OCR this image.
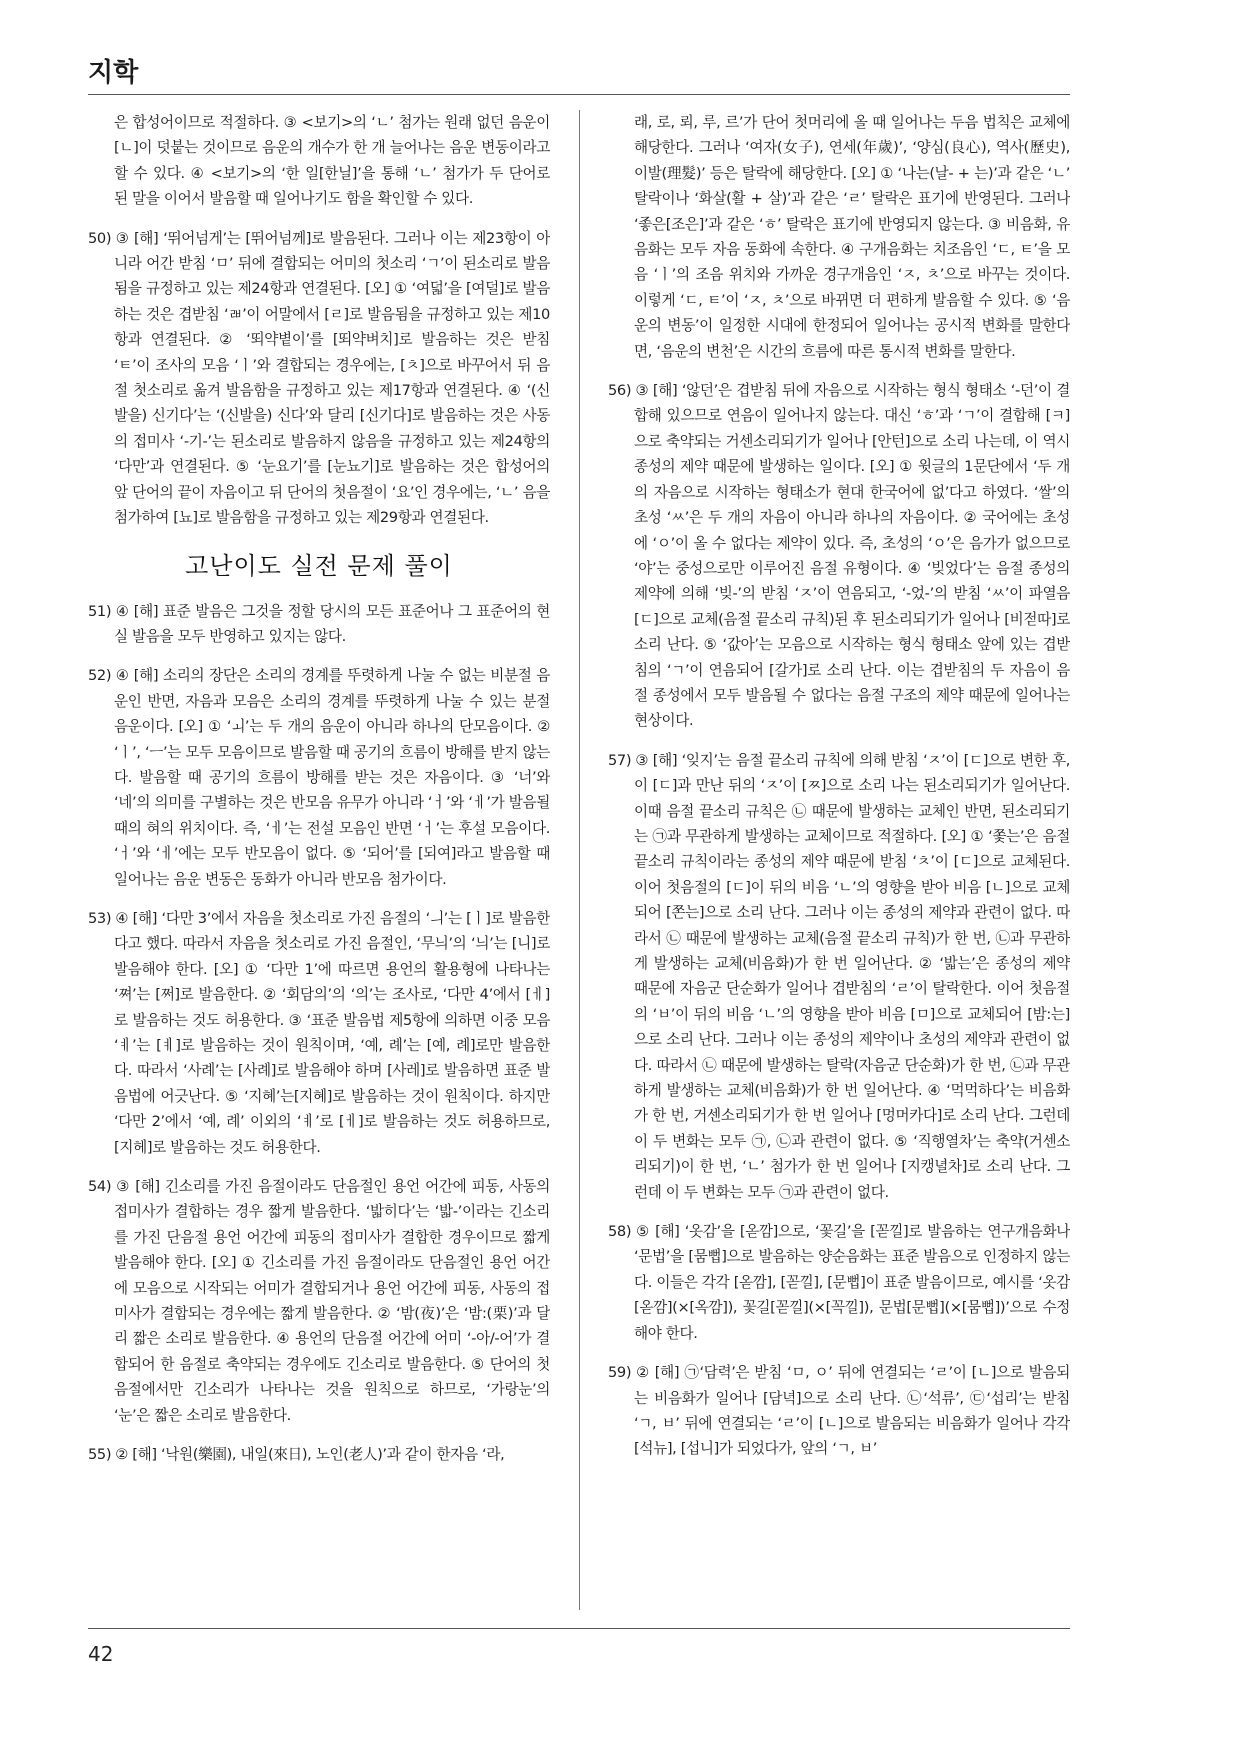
지학

은 합성어이므로 적절하다. ③ <보기>의 ‘ㄴ’ 첨가는 원래 없던 음운이 [ㄴ]이 덧붙는 것이므로 음운의 개수가 한 개 늘어나는 음운 변동이라고 할 수 있다. ④ <보기>의 ‘한 일[한닐]’을 통해 ‘ㄴ’ 첨가가 두 단어로 된 말을 이어서 발음할 때 일어나기도 함을 확인할 수 있다.

50) ③ [해] ‘뛰어넘게’는 [뛰어넘께]로 발음된다. 그러나 이는 제23항이 아니라 어간 받침 ‘ㅁ’ 뒤에 결합되는 어미의 첫소리 ‘ㄱ’이 된소리로 발음됨을 규정하고 있는 제24항과 연결된다. [오] ① ‘여덟’을 [여덜]로 발음하는 것은 겹받침 ‘ㄼ’이 어말에서 [ㄹ]로 발음됨을 규정하고 있는 제10항과 연결된다. ② ‘뙤약볕이’를 [뙤약벼치]로 발음하는 것은 받침 ‘ㅌ’이 조사의 모음 ‘ㅣ’와 결합되는 경우에는, [ㅊ]으로 바꾸어서 뒤 음절 첫소리로 옮겨 발음함을 규정하고 있는 제17항과 연결된다. ④ ‘(신발을) 신기다’는 ‘(신발을) 신다’와 달리 [신기다]로 발음하는 것은 사동의 접미사 ‘-기-’는 된소리로 발음하지 않음을 규정하고 있는 제24항의 ‘다만’과 연결된다. ⑤ ‘눈요기’를 [눈뇨기]로 발음하는 것은 합성어의 앞 단어의 끝이 자음이고 뒤 단어의 첫음절이 ‘요’인 경우에는, ‘ㄴ’ 음을 첨가하여 [뇨]로 발음함을 규정하고 있는 제29항과 연결된다.

고난이도 실전 문제 풀이

51) ④ [해] 표준 발음은 그것을 정할 당시의 모든 표준어나 그 표준어의 현실 발음을 모두 반영하고 있지는 않다.

52) ④ [해] 소리의 장단은 소리의 경계를 뚜렷하게 나눌 수 없는 비분절 음운인 반면, 자음과 모음은 소리의 경계를 뚜렷하게 나눌 수 있는 분절 음운이다. [오] ① ‘ㅚ’는 두 개의 음운이 아니라 하나의 단모음이다. ② ‘ㅣ’, ‘ㅡ’는 모두 모음이므로 발음할 때 공기의 흐름이 방해를 받지 않는다. 발음할 때 공기의 흐름이 방해를 받는 것은 자음이다. ③ ‘너’와 ‘네’의 의미를 구별하는 것은 반모음 유무가 아니라 ‘ㅓ’와 ‘ㅔ’가 발음될 때의 혀의 위치이다. 즉, ‘ㅔ’는 전설 모음인 반면 ‘ㅓ’는 후설 모음이다. ‘ㅓ’와 ‘ㅔ’에는 모두 반모음이 없다. ⑤ ‘되어’를 [되여]라고 발음할 때 일어나는 음운 변동은 동화가 아니라 반모음 첨가이다.

53) ④ [해] ‘다만 3’에서 자음을 첫소리로 가진 음절의 ‘ㅢ’는 [ㅣ]로 발음한다고 했다. 따라서 자음을 첫소리로 가진 음절인, ‘무늬’의 ‘늬’는 [니]로 발음해야 한다. [오] ① ‘다만 1’에 따르면 용언의 활용형에 나타나는 ‘쪄’는 [쩌]로 발음한다. ② ‘회담의’의 ‘의’는 조사로, ‘다만 4’에서 [ㅔ]로 발음하는 것도 허용한다. ③ ‘표준 발음법 제5항에 의하면 이중 모음 ‘ㅖ’는 [ㅖ]로 발음하는 것이 원칙이며, ‘예, 례’는 [예, 례]로만 발음한다. 따라서 ‘사례’는 [사례]로 발음해야 하며 [사레]로 발음하면 표준 발음법에 어긋난다. ⑤ ‘지혜’는[지혜]로 발음하는 것이 원칙이다. 하지만 ‘다만 2’에서 ‘예, 례’ 이외의 ‘ㅖ’로 [ㅔ]로 발음하는 것도 허용하므로, [지헤]로 발음하는 것도 허용한다.

54) ③ [해] 긴소리를 가진 음절이라도 단음절인 용언 어간에 피동, 사동의 접미사가 결합하는 경우 짧게 발음한다. ‘밟히다’는 ‘밟-’이라는 긴소리를 가진 단음절 용언 어간에 피동의 접미사가 결합한 경우이므로 짧게 발음해야 한다. [오] ① 긴소리를 가진 음절이라도 단음절인 용언 어간에 모음으로 시작되는 어미가 결합되거나 용언 어간에 피동, 사동의 접미사가 결합되는 경우에는 짧게 발음한다. ② ‘밤(夜)’은 ‘밤:(栗)’과 달리 짧은 소리로 발음한다. ④ 용언의 단음절 어간에 어미 ‘-아/-어’가 결합되어 한 음절로 축약되는 경우에도 긴소리로 발음한다. ⑤ 단어의 첫음절에서만 긴소리가 나타나는 것을 원칙으로 하므로, ‘가랑눈’의 ‘눈’은 짧은 소리로 발음한다.

55) ② [해] ‘낙원(樂園), 내일(來日), 노인(老人)’과 같이 한자음 ‘라,

래, 로, 뢰, 루, 르’가 단어 첫머리에 올 때 일어나는 두음 법칙은 교체에 해당한다. 그러나 ‘여자(女子), 연세(年歲)’, ‘양심(良心), 역사(歷史), 이발(理髮)’ 등은 탈락에 해당한다. [오] ① ‘나는(날- + 는)’과 같은 ‘ㄴ’ 탈락이나 ‘화살(활 + 살)’과 같은 ‘ㄹ’ 탈락은 표기에 반영된다. 그러나 ‘좋은[조은]’과 같은 ‘ㅎ’ 탈락은 표기에 반영되지 않는다. ③ 비음화, 유음화는 모두 자음 동화에 속한다. ④ 구개음화는 치조음인 ‘ㄷ, ㅌ’을 모음 ‘ㅣ’의 조음 위치와 가까운 경구개음인 ‘ㅈ, ㅊ’으로 바꾸는 것이다. 이렇게 ‘ㄷ, ㅌ’이 ‘ㅈ, ㅊ’으로 바뀌면 더 편하게 발음할 수 있다. ⑤ ‘음운의 변동’이 일정한 시대에 한정되어 일어나는 공시적 변화를 말한다면, ‘음운의 변천’은 시간의 흐름에 따른 통시적 변화를 말한다.

56) ③ [해] ‘않던’은 겹받침 뒤에 자음으로 시작하는 형식 형태소 ‘-던’이 결합해 있으므로 연음이 일어나지 않는다. 대신 ‘ㅎ’과 ‘ㄱ’이 결합해 [ㅋ]으로 축약되는 거센소리되기가 일어나 [안턴]으로 소리 나는데, 이 역시 종성의 제약 때문에 발생하는 일이다. [오] ① 윗글의 1문단에서 ‘두 개의 자음으로 시작하는 형태소가 현대 한국어에 없’다고 하였다. ‘쌀’의 초성 ‘ㅆ’은 두 개의 자음이 아니라 하나의 자음이다. ② 국어에는 초성에 ‘ㅇ’이 올 수 없다는 제약이 있다. 즉, 초성의 ‘ㅇ’은 음가가 없으므로 ‘야’는 중성으로만 이루어진 음절 유형이다. ④ ‘빚었다’는 음절 종성의 제약에 의해 ‘빚-’의 받침 ‘ㅈ’이 연음되고, ‘-었-’의 받침 ‘ㅆ’이 파열음 [ㄷ]으로 교체(음절 끝소리 규칙)된 후 된소리되기가 일어나 [비젇따]로 소리 난다. ⑤ ‘값아’는 모음으로 시작하는 형식 형태소 앞에 있는 겹받침의 ‘ㄱ’이 연음되어 [갈가]로 소리 난다. 이는 겹받침의 두 자음이 음절 종성에서 모두 발음될 수 없다는 음절 구조의 제약 때문에 일어나는 현상이다.

57) ③ [해] ‘잊지’는 음절 끝소리 규칙에 의해 받침 ‘ㅈ’이 [ㄷ]으로 변한 후, 이 [ㄷ]과 만난 뒤의 ‘ㅈ’이 [ㅉ]으로 소리 나는 된소리되기가 일어난다. 이때 음절 끝소리 규칙은 ㉡ 때문에 발생하는 교체인 반면, 된소리되기는 ㉠과 무관하게 발생하는 교체이므로 적절하다. [오] ① ‘쫓는’은 음절 끝소리 규칙이라는 종성의 제약 때문에 받침 ‘ㅊ’이 [ㄷ]으로 교체된다. 이어 첫음절의 [ㄷ]이 뒤의 비음 ‘ㄴ’의 영향을 받아 비음 [ㄴ]으로 교체되어 [쫀는]으로 소리 난다. 그러나 이는 종성의 제약과 관련이 없다. 따라서 ㉡ 때문에 발생하는 교체(음절 끝소리 규칙)가 한 번, ㉡과 무관하게 발생하는 교체(비음화)가 한 번 일어난다. ② ‘밟는’은 종성의 제약 때문에 자음군 단순화가 일어나 겹받침의 ‘ㄹ’이 탈락한다. 이어 첫음절의 ‘ㅂ’이 뒤의 비음 ‘ㄴ’의 영향을 받아 비음 [ㅁ]으로 교체되어 [밤:는]으로 소리 난다. 그러나 이는 종성의 제약이나 초성의 제약과 관련이 없다. 따라서 ㉡ 때문에 발생하는 탈락(자음군 단순화)가 한 번, ㉡과 무관하게 발생하는 교체(비음화)가 한 번 일어난다. ④ ‘먹먹하다’는 비음화가 한 번, 거센소리되기가 한 번 일어나 [멍머카다]로 소리 난다. 그런데 이 두 변화는 모두 ㉠, ㉡과 관련이 없다. ⑤ ‘직행열차’는 축약(거센소리되기)이 한 번, ‘ㄴ’ 첨가가 한 번 일어나 [지캥녈차]로 소리 난다. 그런데 이 두 변화는 모두 ㉠과 관련이 없다.

58) ⑤ [해] ‘옷감’을 [옫깜]으로, ‘꽃길’을 [꼳낄]로 발음하는 연구개음화나 ‘문법’을 [뭄뻡]으로 발음하는 양순음화는 표준 발음으로 인정하지 않는다. 이들은 각각 [옫깜], [꼳낄], [문뻡]이 표준 발음이므로, 예시를 ‘옷감[옫깜](×[옥깜]), 꽃길[꼳낄](×[꼭낄]), 문법[문뻡](×[뭄뻡])’으로 수정해야 한다.

59) ② [해] ㉠‘담력’은 받침 ‘ㅁ, ㅇ’ 뒤에 연결되는 ‘ㄹ’이 [ㄴ]으로 발음되는 비음화가 일어나 [담녁]으로 소리 난다. ㉡‘석류’, ㉢‘섭리’는 받침 ‘ㄱ, ㅂ’ 뒤에 연결되는 ‘ㄹ’이 [ㄴ]으로 발음되는 비음화가 일어나 각각 [석뉴], [섭니]가 되었다가, 앞의 ‘ㄱ, ㅂ’

42
